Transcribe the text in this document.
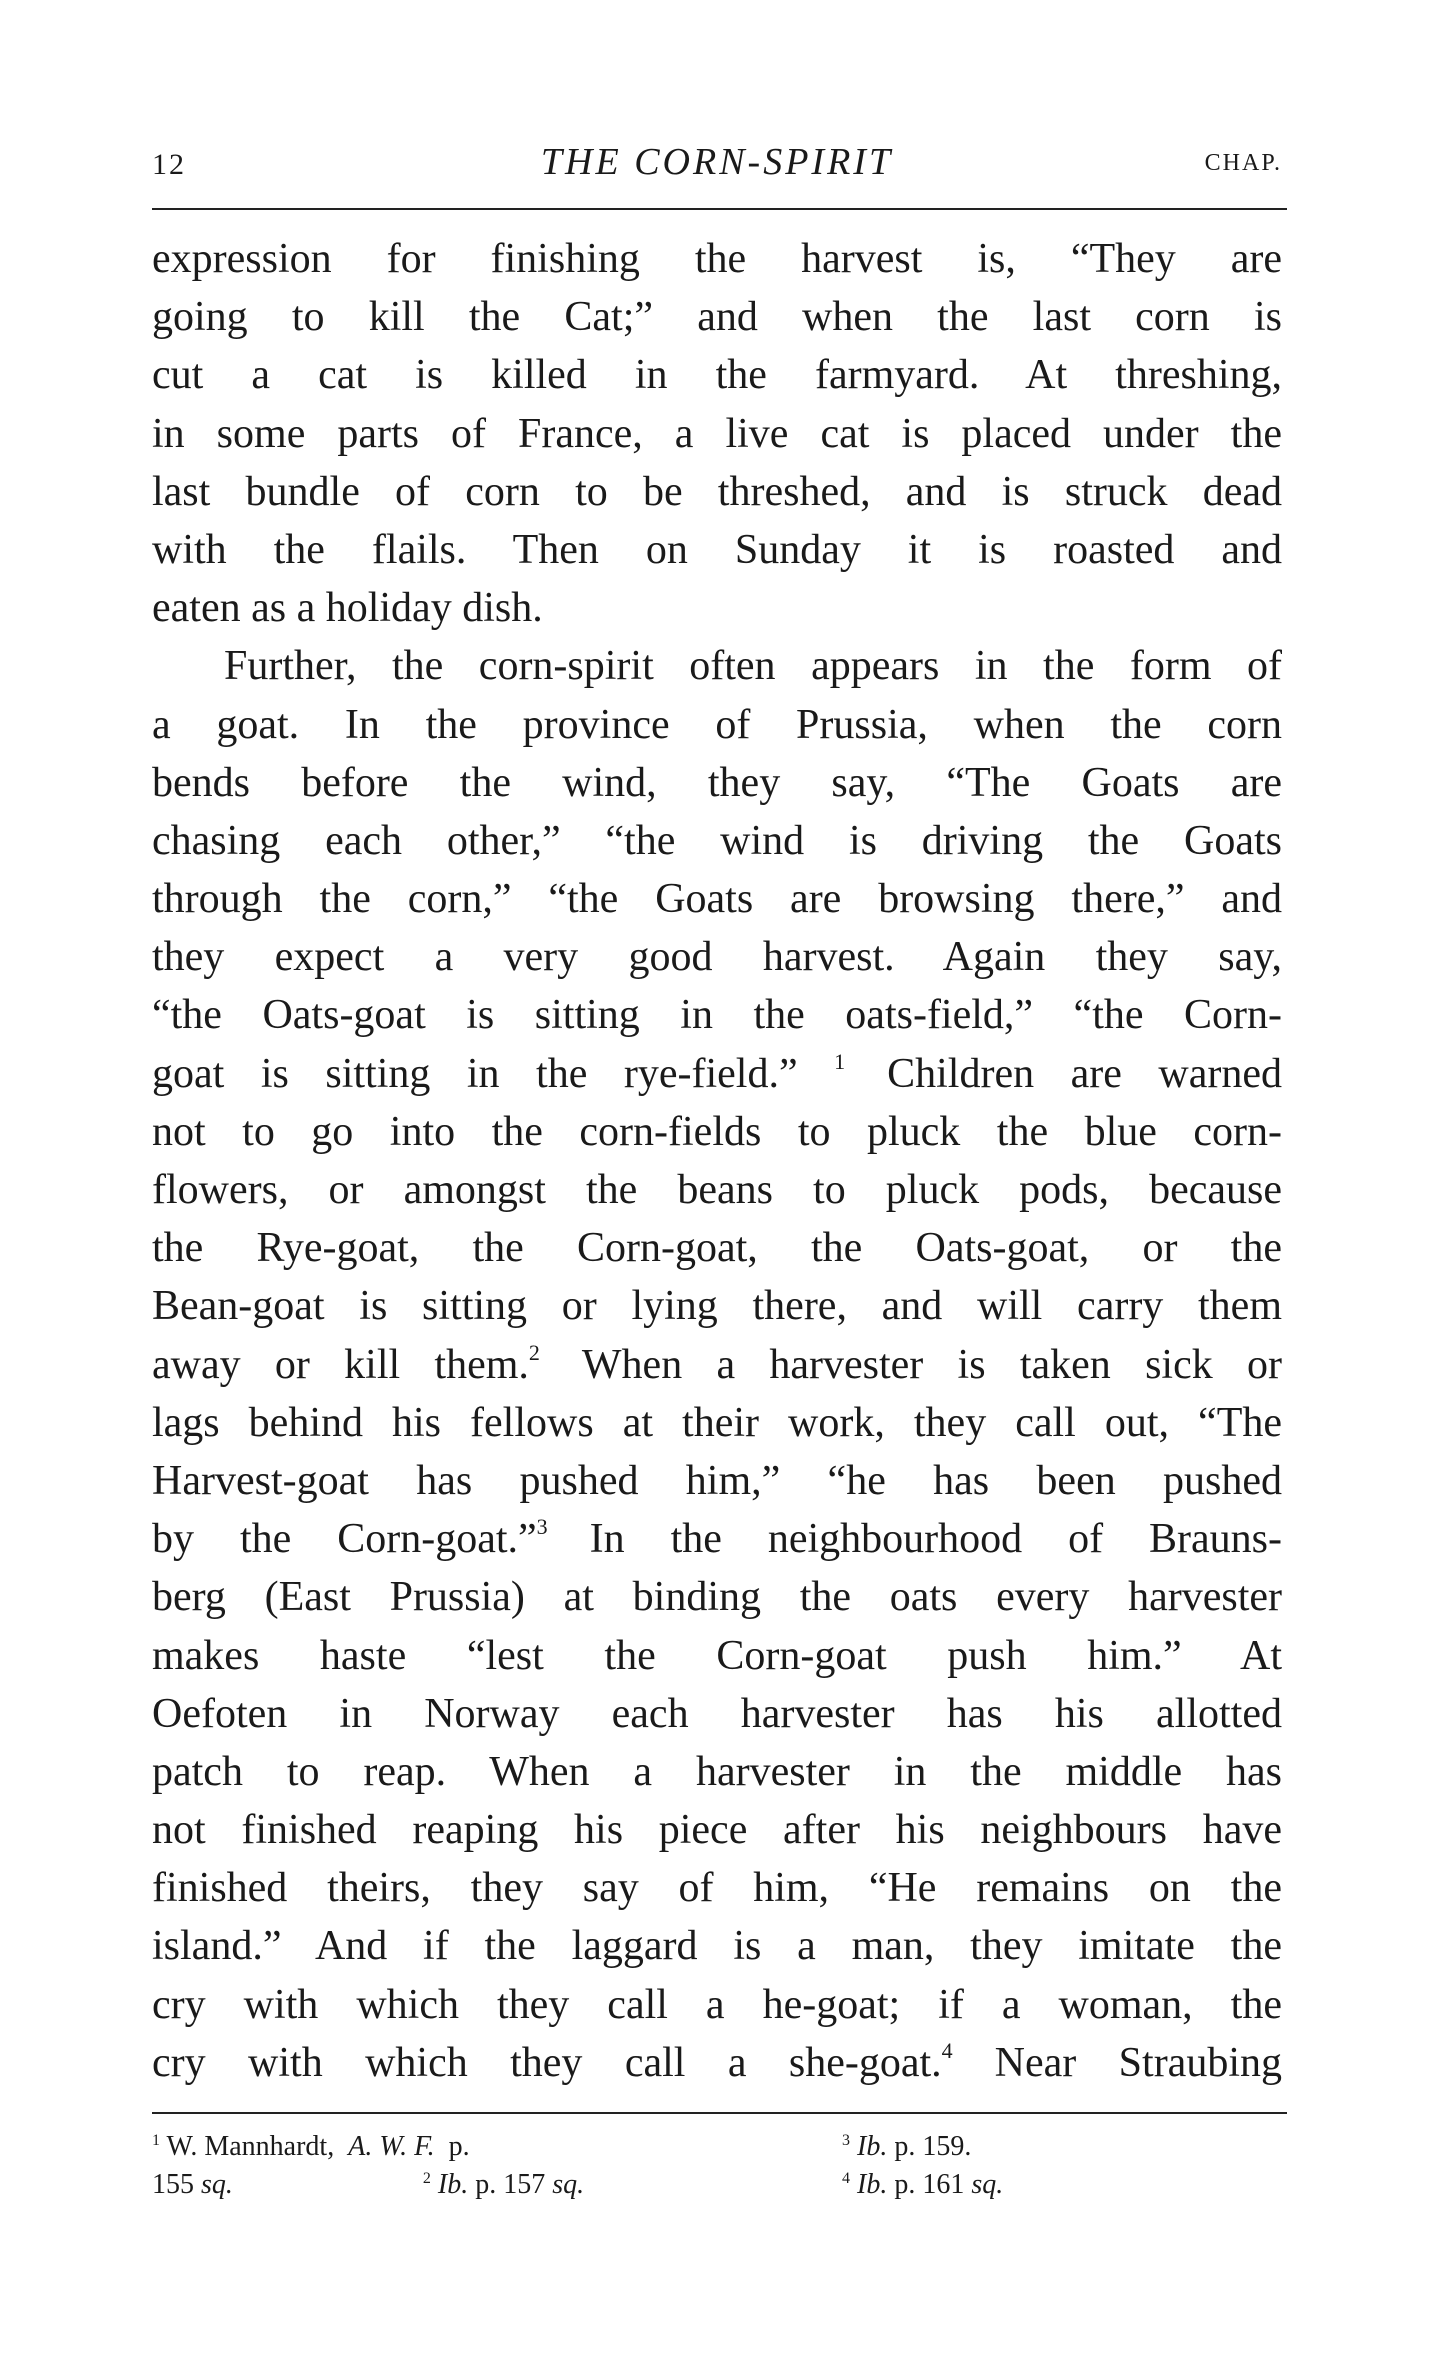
12	THE CORN-SPIRIT	CHAP.
expression for finishing the harvest is, “They are
going to kill the Cat;” and when the last corn is
cut a cat is killed in the farmyard. At threshing,
in some parts of France, a live cat is placed under the
last bundle of corn to be threshed, and is struck dead
with the flails. Then on Sunday it is roasted and
eaten as a holiday dish.
Further, the corn-spirit often appears in the form of
a goat. In the province of Prussia, when the corn
bends before the wind, they say, “The Goats are
chasing each other,” “the wind is driving the Goats
through the corn,” “the Goats are browsing there,” and
they expect a very good harvest. Again they say,
“the Oats-goat is sitting in the oats-field,” “the Corn-
goat is sitting in the rye-field.” $^1$ Children are warned
not to go into the corn-fields to pluck the blue corn-
flowers, or amongst the beans to pluck pods, because
the Rye-goat, the Corn-goat, the Oats-goat, or the
Bean-goat is sitting or lying there, and will carry them
away or kill them.$^2$ When a harvester is taken sick or
lags behind his fellows at their work, they call out, “The
Harvest-goat has pushed him,” “he has been pushed
by the Corn-goat.”$^3$ In the neighbourhood of Brauns-
berg (East Prussia) at binding the oats every harvester
makes haste “lest the Corn-goat push him.” At
Oefoten in Norway each harvester has his allotted
patch to reap. When a harvester in the middle has
not finished reaping his piece after his neighbours have
finished theirs, they say of him, “He remains on the
island.” And if the laggard is a man, they imitate the
cry with which they call a he-goat; if a woman, the
cry with which they call a she-goat.$^4$ Near Straubing
$^1$ W. Mannhardt, A. W. F. p.
155 sq.	$^2$ Ib. p. 157 sq.
$^3$ Ib. p. 159.
$^4$ Ib. p. 161 sq.
